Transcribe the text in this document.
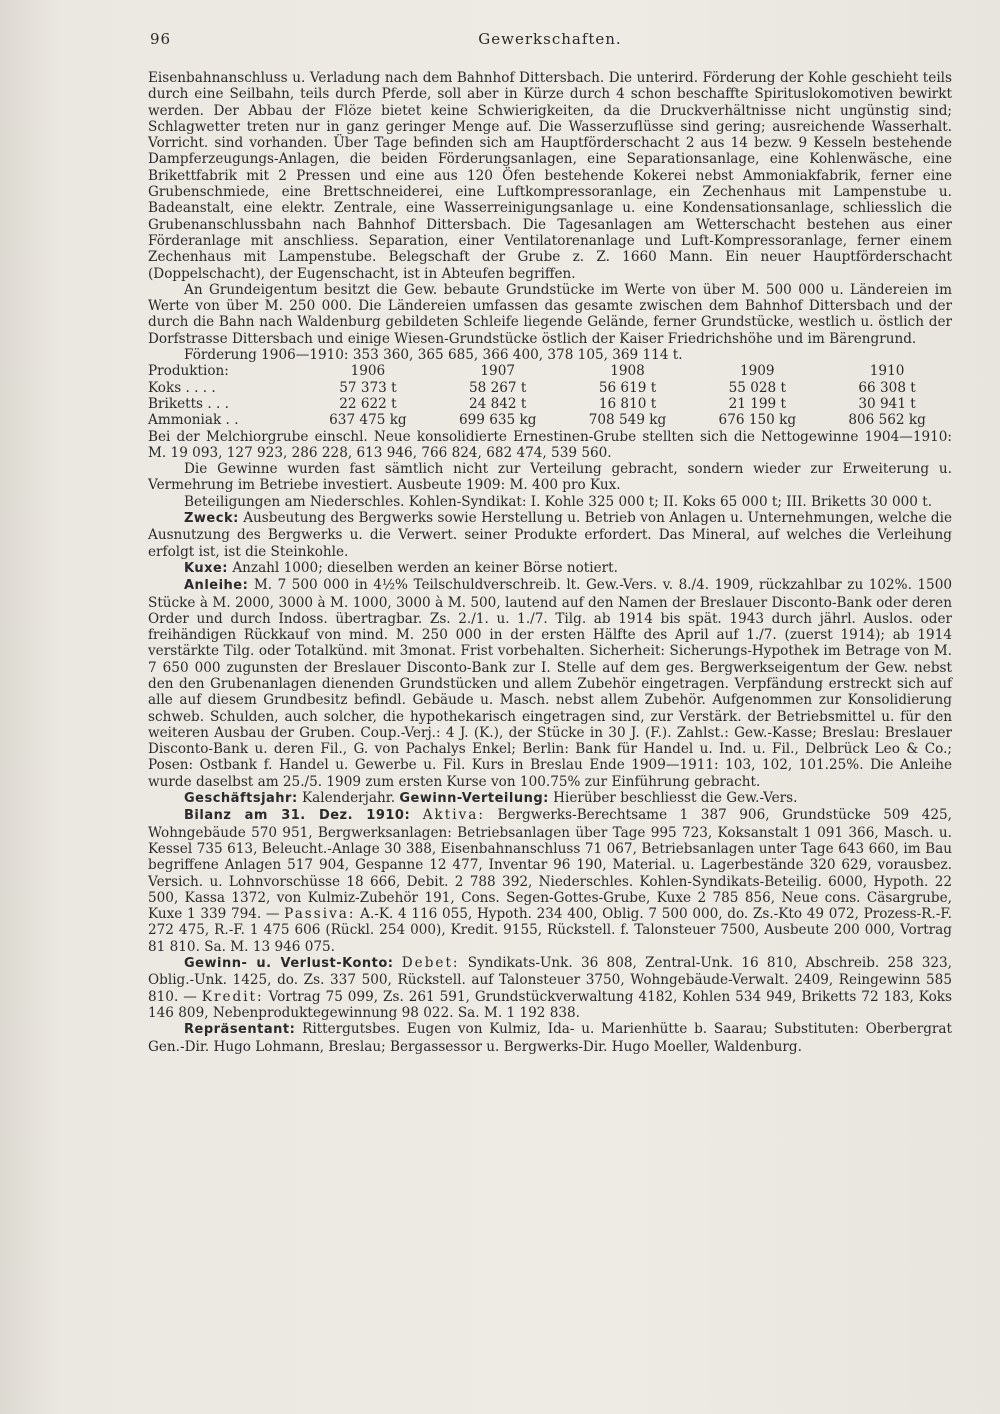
96	Gewerkschaften.

Eisenbahnanschluss u. Verladung nach dem Bahnhof Dittersbach. Die unterird. Förderung der Kohle geschieht teils durch eine Seilbahn, teils durch Pferde, soll aber in Kürze durch 4 schon beschaffte Spirituslokomotiven bewirkt werden. Der Abbau der Flöze bietet keine Schwierigkeiten, da die Druckverhältnisse nicht ungünstig sind; Schlagwetter treten nur in ganz geringer Menge auf. Die Wasserzuflüsse sind gering; ausreichende Wasserhalt. Vorricht. sind vorhanden. Über Tage befinden sich am Hauptförderschacht 2 aus 14 bezw. 9 Kesseln bestehende Dampferzeugungs-Anlagen, die beiden Förderungsanlagen, eine Separationsanlage, eine Kohlenwäsche, eine Brikettfabrik mit 2 Pressen und eine aus 120 Öfen bestehende Kokerei nebst Ammoniakfabrik, ferner eine Grubenschmiede, eine Brettschneiderei, eine Luftkompressoranlage, ein Zechenhaus mit Lampenstube u. Badeanstalt, eine elektr. Zentrale, eine Wasserreinigungsanlage u. eine Kondensationsanlage, schliesslich die Grubenanschlussbahn nach Bahnhof Dittersbach. Die Tagesanlagen am Wetterschacht bestehen aus einer Förderanlage mit anschliess. Separation, einer Ventilatorenanlage und Luft-Kompressoranlage, ferner einem Zechenhaus mit Lampenstube. Belegschaft der Grube z. Z. 1660 Mann. Ein neuer Hauptförderschacht (Doppelschacht), der Eugenschacht, ist in Abteufen begriffen.

An Grundeigentum besitzt die Gew. bebaute Grundstücke im Werte von über M. 500 000 u. Ländereien im Werte von über M. 250 000. Die Ländereien umfassen das gesamte zwischen dem Bahnhof Dittersbach und der durch die Bahn nach Waldenburg gebildeten Schleife liegende Gelände, ferner Grundstücke, westlich u. östlich der Dorfstrasse Dittersbach und einige Wiesen-Grundstücke östlich der Kaiser Friedrichshöhe und im Bärengrund.

Förderung 1906—1910: 353 360, 365 685, 366 400, 378 105, 369 114 t.

Produktion:	1906	1907	1908	1909	1910
Koks . . . .	57 373 t	58 267 t	56 619 t	55 028 t	66 308 t
Briketts . . .	22 622 t	24 842 t	16 810 t	21 199 t	30 941 t
Ammoniak . .	637 475 kg	699 635 kg	708 549 kg	676 150 kg	806 562 kg

Bei der Melchiorgrube einschl. Neue konsolidierte Ernestinen-Grube stellten sich die Nettogewinne 1904—1910: M. 19 093, 127 923, 286 228, 613 946, 766 824, 682 474, 539 560.

Die Gewinne wurden fast sämtlich nicht zur Verteilung gebracht, sondern wieder zur Erweiterung u. Vermehrung im Betriebe investiert. Ausbeute 1909: M. 400 pro Kux.

Beteiligungen am Niederschles. Kohlen-Syndikat: I. Kohle 325 000 t; II. Koks 65 000 t; III. Briketts 30 000 t.

Zweck: Ausbeutung des Bergwerks sowie Herstellung u. Betrieb von Anlagen u. Unternehmungen, welche die Ausnutzung des Bergwerks u. die Verwert. seiner Produkte erfordert. Das Mineral, auf welches die Verleihung erfolgt ist, ist die Steinkohle.

Kuxe: Anzahl 1000; dieselben werden an keiner Börse notiert.

Anleihe: M. 7 500 000 in 4½% Teilschuldverschreib. lt. Gew.-Vers. v. 8./4. 1909, rückzahlbar zu 102%. 1500 Stücke à M. 2000, 3000 à M. 1000, 3000 à M. 500, lautend auf den Namen der Breslauer Disconto-Bank oder deren Order und durch Indoss. übertragbar. Zs. 2./1. u. 1./7. Tilg. ab 1914 bis spät. 1943 durch jährl. Auslos. oder freihändigen Rückkauf von mind. M. 250 000 in der ersten Hälfte des April auf 1./7. (zuerst 1914); ab 1914 verstärkte Tilg. oder Totalkünd. mit 3monat. Frist vorbehalten. Sicherheit: Sicherungs-Hypothek im Betrage von M. 7 650 000 zugunsten der Breslauer Disconto-Bank zur I. Stelle auf dem ges. Bergwerkseigentum der Gew. nebst den den Grubenanlagen dienenden Grundstücken und allem Zubehör eingetragen. Verpfändung erstreckt sich auf alle auf diesem Grundbesitz befindl. Gebäude u. Masch. nebst allem Zubehör. Aufgenommen zur Konsolidierung schweb. Schulden, auch solcher, die hypothekarisch eingetragen sind, zur Verstärk. der Betriebsmittel u. für den weiteren Ausbau der Gruben. Coup.-Verj.: 4 J. (K.), der Stücke in 30 J. (F.). Zahlst.: Gew.-Kasse; Breslau: Breslauer Disconto-Bank u. deren Fil., G. von Pachalys Enkel; Berlin: Bank für Handel u. Ind. u. Fil., Delbrück Leo & Co.; Posen: Ostbank f. Handel u. Gewerbe u. Fil. Kurs in Breslau Ende 1909—1911: 103, 102, 101.25%. Die Anleihe wurde daselbst am 25./5. 1909 zum ersten Kurse von 100.75% zur Einführung gebracht.

Geschäftsjahr: Kalenderjahr. Gewinn-Verteilung: Hierüber beschliesst die Gew.-Vers.

Bilanz am 31. Dez. 1910: Aktiva: Bergwerks-Berechtsame 1 387 906, Grundstücke 509 425, Wohngebäude 570 951, Bergwerksanlagen: Betriebsanlagen über Tage 995 723, Koksanstalt 1 091 366, Masch. u. Kessel 735 613, Beleucht.-Anlage 30 388, Eisenbahnanschluss 71 067, Betriebsanlagen unter Tage 643 660, im Bau begriffene Anlagen 517 904, Gespanne 12 477, Inventar 96 190, Material. u. Lagerbestände 320 629, vorausbez. Versich. u. Lohnvorschüsse 18 666, Debit. 2 788 392, Niederschles. Kohlen-Syndikats-Beteilig. 6000, Hypoth. 22 500, Kassa 1372, von Kulmiz-Zubehör 191, Cons. Segen-Gottes-Grube, Kuxe 2 785 856, Neue cons. Cäsargrube, Kuxe 1 339 794. — Passiva: A.-K. 4 116 055, Hypoth. 234 400, Oblig. 7 500 000, do. Zs.-Kto 49 072, Prozess-R.-F. 272 475, R.-F. 1 475 606 (Rückl. 254 000), Kredit. 9155, Rückstell. f. Talonsteuer 7500, Ausbeute 200 000, Vortrag 81 810. Sa. M. 13 946 075.

Gewinn- u. Verlust-Konto: Debet: Syndikats-Unk. 36 808, Zentral-Unk. 16 810, Abschreib. 258 323, Oblig.-Unk. 1425, do. Zs. 337 500, Rückstell. auf Talonsteuer 3750, Wohngebäude-Verwalt. 2409, Reingewinn 585 810. — Kredit: Vortrag 75 099, Zs. 261 591, Grundstückverwaltung 4182, Kohlen 534 949, Briketts 72 183, Koks 146 809, Nebenproduktegewinnung 98 022. Sa. M. 1 192 838.

Repräsentant: Rittergutsbes. Eugen von Kulmiz, Ida- u. Marienhütte b. Saarau; Substituten: Oberbergrat Gen.-Dir. Hugo Lohmann, Breslau; Bergassessor u. Bergwerks-Dir. Hugo Moeller, Waldenburg.
